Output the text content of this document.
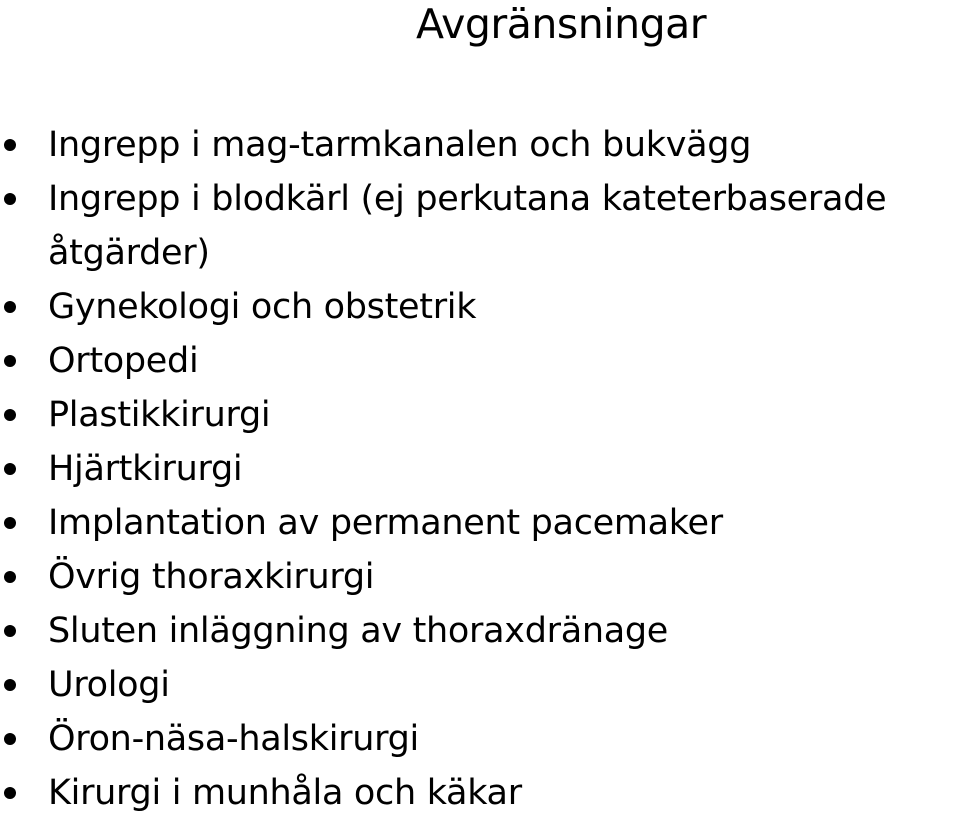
Avgränsningar
Ingrepp i mag-tarmkanalen och bukvägg
Ingrepp i blodkärl (ej perkutana kateterbaserade åtgärder)
Gynekologi och obstetrik
Ortopedi
Plastikkirurgi
Hjärtkirurgi
Implantation av permanent pacemaker
Övrig thoraxkirurgi
Sluten inläggning av thoraxdränage
Urologi
Öron-näsa-halskirurgi
Kirurgi i munhåla och käkar
